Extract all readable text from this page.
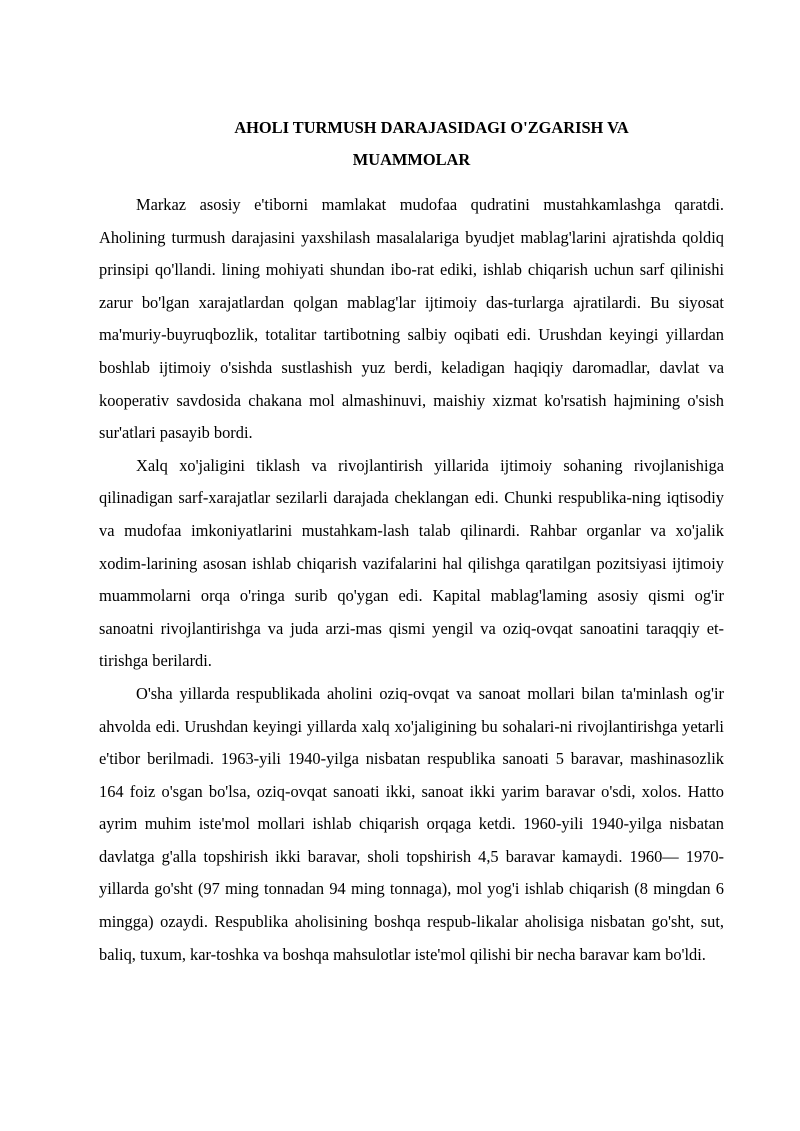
AHOLI TURMUSH DARAJASIDAGI O'ZGARISH VA
MUAMMOLAR

Markaz asosiy e'tiborni mamlakat mudofaa qudratini mustahkamlashga qaratdi. Aholining turmush darajasini yaxshilash masalalariga byudjet mablag'larini ajratishda qoldiq prinsipi qo'llandi. lining mohiyati shundan ibo-rat ediki, ishlab chiqarish uchun sarf qilinishi zarur bo'lgan xarajatlardan qolgan mablag'lar ijtimoiy das-turlarga ajratilardi. Bu siyosat ma'muriy-buyruqbozlik, totalitar tartibotning salbiy oqibati edi. Urushdan keyingi yillardan boshlab ijtimoiy o'sishda sustlashish yuz berdi, keladigan haqiqiy daromadlar, davlat va kooperativ savdosida chakana mol almashinuvi, maishiy xizmat ko'rsatish hajmining o'sish sur'atlari pasayib bordi.

Xalq xo'jaligini tiklash va rivojlantirish yillarida ijtimoiy sohaning rivojlanishiga qilinadigan sarf-xarajatlar sezilarli darajada cheklangan edi. Chunki respublika-ning iqtisodiy va mudofaa imkoniyatlarini mustahkam-lash talab qilinardi. Rahbar organlar va xo'jalik xodim-larining asosan ishlab chiqarish vazifalarini hal qilishga qaratilgan pozitsiyasi ijtimoiy muammolarni orqa o'ringa surib qo'ygan edi. Kapital mablag'laming asosiy qismi og'ir sanoatni rivojlantirishga va juda arzi-mas qismi yengil va oziq-ovqat sanoatini taraqqiy et-tirishga berilardi.

O'sha yillarda respublikada aholini oziq-ovqat va sanoat mollari bilan ta'minlash og'ir ahvolda edi. Urushdan keyingi yillarda xalq xo'jaligining bu sohalari-ni rivojlantirishga yetarli e'tibor berilmadi. 1963-yili 1940-yilga nisbatan respublika sanoati 5 baravar, mashinasozlik 164 foiz o'sgan bo'lsa, oziq-ovqat sanoati ikki, sanoat ikki yarim baravar o'sdi, xolos. Hatto ayrim muhim iste'mol mollari ishlab chiqarish orqaga ketdi. 1960-yili 1940-yilga nisbatan davlatga g'alla topshirish ikki baravar, sholi topshirish 4,5 baravar kamaydi. 1960— 1970-yillarda go'sht (97 ming tonnadan 94 ming tonnaga), mol yog'i ishlab chiqarish (8 mingdan 6 mingga) ozaydi. Respublika aholisining boshqa respub-likalar aholisiga nisbatan go'sht, sut, baliq, tuxum, kar-toshka va boshqa mahsulotlar iste'mol qilishi bir necha baravar kam bo'ldi.
